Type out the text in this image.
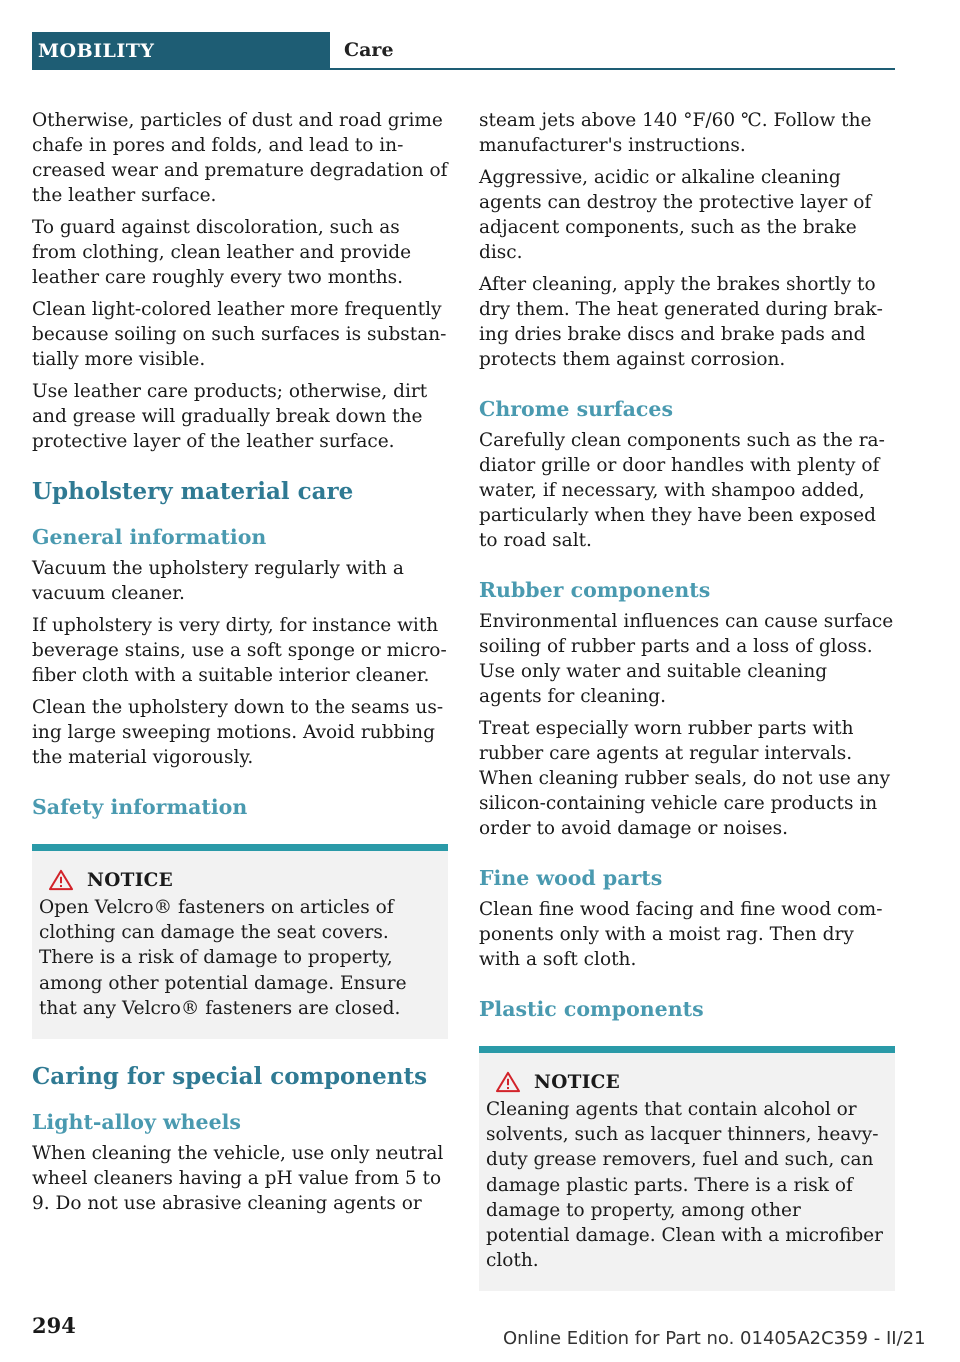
MOBILITY	Care

Otherwise, particles of dust and road grime chafe in pores and folds, and lead to increased wear and premature degradation of the leather surface.

To guard against discoloration, such as from clothing, clean leather and provide leather care roughly every two months.

Clean light-colored leather more frequently because soiling on such surfaces is substantially more visible.

Use leather care products; otherwise, dirt and grease will gradually break down the protective layer of the leather surface.

Upholstery material care
General information

Vacuum the upholstery regularly with a vacuum cleaner.

If upholstery is very dirty, for instance with beverage stains, use a soft sponge or microfiber cloth with a suitable interior cleaner.

Clean the upholstery down to the seams using large sweeping motions. Avoid rubbing the material vigorously.

Safety information
NOTICE

Open Velcro® fasteners on articles of clothing can damage the seat covers. There is a risk of damage to property, among other potential damage. Ensure that any Velcro® fasteners are closed.

Caring for special components
Light-alloy wheels

When cleaning the vehicle, use only neutral wheel cleaners having a pH value from 5 to 9. Do not use abrasive cleaning agents or

steam jets above 140 °F/60 ℃. Follow the manufacturer's instructions.

Aggressive, acidic or alkaline cleaning agents can destroy the protective layer of adjacent components, such as the brake disc.

After cleaning, apply the brakes shortly to dry them. The heat generated during braking dries brake discs and brake pads and protects them against corrosion.

Chrome surfaces

Carefully clean components such as the radiator grille or door handles with plenty of water, if necessary, with shampoo added, particularly when they have been exposed to road salt.

Rubber components

Environmental influences can cause surface soiling of rubber parts and a loss of gloss. Use only water and suitable cleaning agents for cleaning.

Treat especially worn rubber parts with rubber care agents at regular intervals. When cleaning rubber seals, do not use any silicon-containing vehicle care products in order to avoid damage or noises.

Fine wood parts

Clean fine wood facing and fine wood components only with a moist rag. Then dry with a soft cloth.

Plastic components
NOTICE

Cleaning agents that contain alcohol or solvents, such as lacquer thinners, heavy-duty grease removers, fuel and such, can damage plastic parts. There is a risk of damage to property, among other potential damage. Clean with a microfiber cloth.

294
Online Edition for Part no. 01405A2C359 - II/21
